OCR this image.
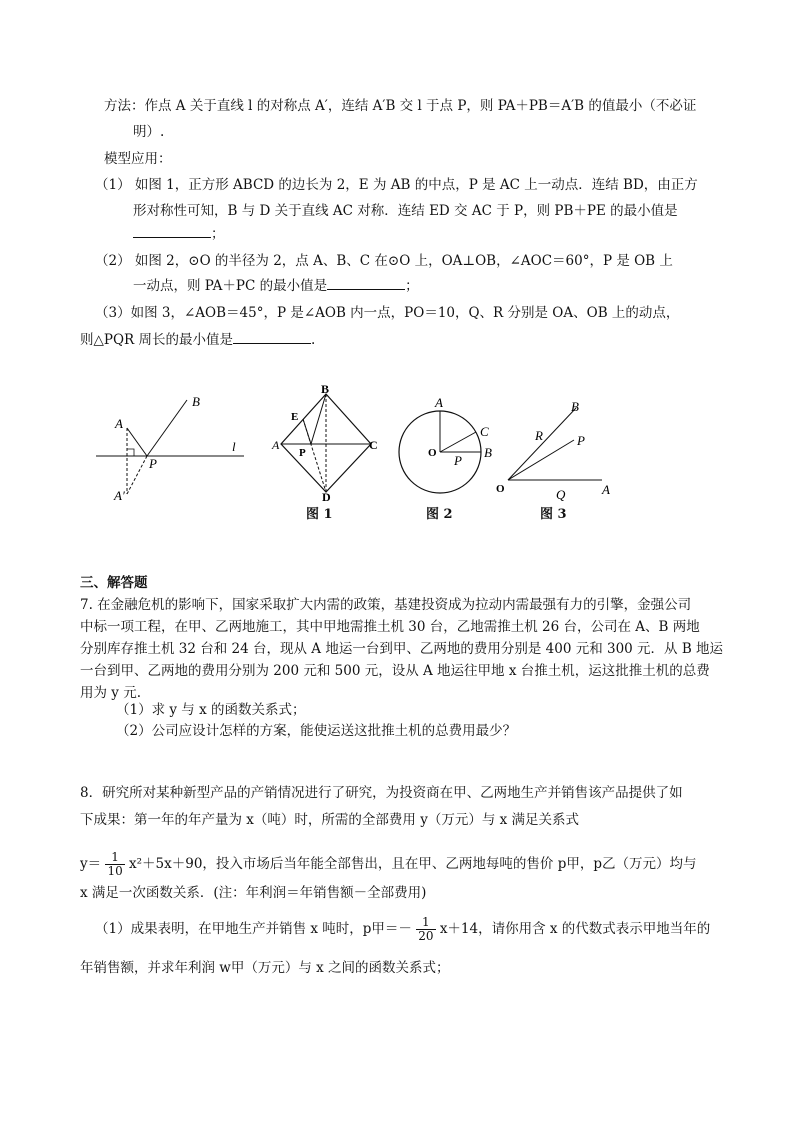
方法：作点 A 关于直线 l 的对称点 A′，连结 A′B 交 l 于点 P，则 PA＋PB＝A′B 的值最小（不必证
明）.
模型应用：
（1） 如图 1，正方形 ABCD 的边长为 2，E 为 AB 的中点，P 是 AC 上一动点．连结 BD，由正方
形对称性可知，B 与 D 关于直线 AC 对称．连结 ED 交 AC 于 P，则 PB＋PE 的最小值是
；
（2） 如图 2，⊙O 的半径为 2，点 A、B、C 在⊙O 上，OA⊥OB，∠AOC＝60°，P 是 OB 上
一动点，则 PA＋PC 的最小值是	；
（3）如图 3，∠AOB＝45°，P 是∠AOB 内一点，PO＝10，Q、R 分别是 OA、OB 上的动点，
则△PQR 周长的最小值是	.
A
B
P
l
A′
B
A	C
D
E
P
A
B
C
O P
O	A
B
P
Q
R
图 1	图 2	图 3
三、解答题
7. 在金融危机的影响下，国家采取扩大内需的政策，基建投资成为拉动内需最强有力的引擎，金强公司
中标一项工程，在甲、乙两地施工，其中甲地需推土机 30 台，乙地需推土机 26 台，公司在 A、B 两地
分别库存推土机 32 台和 24 台，现从 A 地运一台到甲、乙两地的费用分别是 400 元和 300 元．从 B 地运
一台到甲、乙两地的费用分别为 200 元和 500 元，设从 A 地运往甲地 x 台推土机，运这批推土机的总费
用为 y 元.
（1）求 y 与 x 的函数关系式；
（2）公司应设计怎样的方案，能使运送这批推土机的总费用最少？
8．研究所对某种新型产品的产销情况进行了研究，为投资商在甲、乙两地生产并销售该产品提供了如
下成果：第一年的年产量为 x（吨）时，所需的全部费用 y（万元）与 x 满足关系式
$y= \frac{1}{10} x^2+5x+90$，投入市场后当年能全部售出，且在甲、乙两地每吨的售价 p甲，p乙（万元）均与
x 满足一次函数关系．(注：年利润＝年销售额－全部费用)
（1）成果表明，在甲地生产并销售 x 吨时，p甲＝－ $\frac{1}{20} x+14$，请你用含 x 的代数式表示甲地当年的
年销售额，并求年利润 w甲（万元）与 x 之间的函数关系式；
